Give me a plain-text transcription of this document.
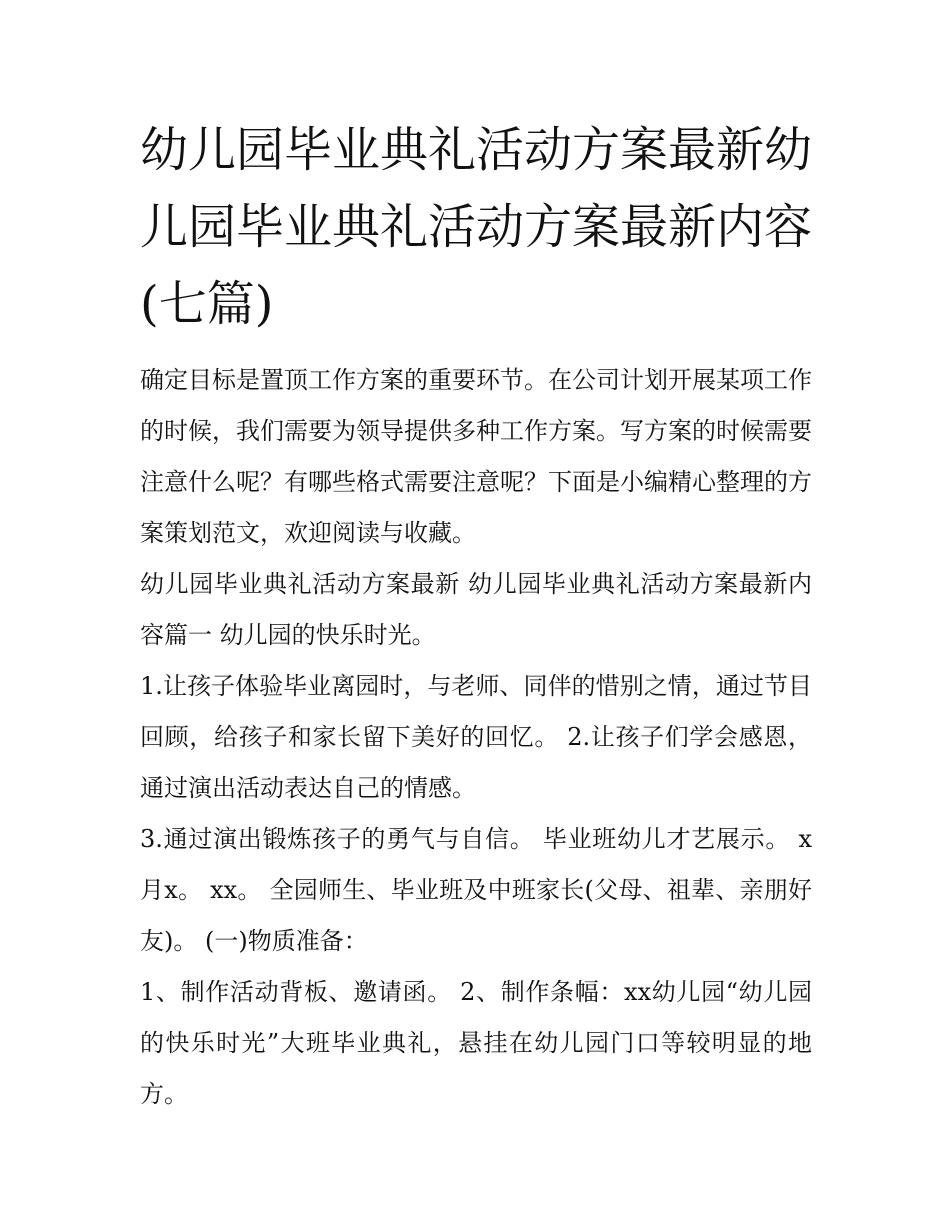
幼儿园毕业典礼活动方案最新幼儿园毕业典礼活动方案最新内容(七篇)

确定目标是置顶工作方案的重要环节。在公司计划开展某项工作的时候，我们需要为领导提供多种工作方案。写方案的时候需要注意什么呢？有哪些格式需要注意呢？下面是小编精心整理的方案策划范文，欢迎阅读与收藏。

幼儿园毕业典礼活动方案最新 幼儿园毕业典礼活动方案最新内容篇一 幼儿园的快乐时光。

1.让孩子体验毕业离园时，与老师、同伴的惜别之情，通过节目回顾，给孩子和家长留下美好的回忆。 2.让孩子们学会感恩，通过演出活动表达自己的情感。

3.通过演出锻炼孩子的勇气与自信。 毕业班幼儿才艺展示。 x月x。 xx。 全园师生、毕业班及中班家长(父母、祖辈、亲朋好友)。 (一)物质准备：

1、制作活动背板、邀请函。 2、制作条幅：xx幼儿园“幼儿园的快乐时光”大班毕业典礼，悬挂在幼儿园门口等较明显的地方。
